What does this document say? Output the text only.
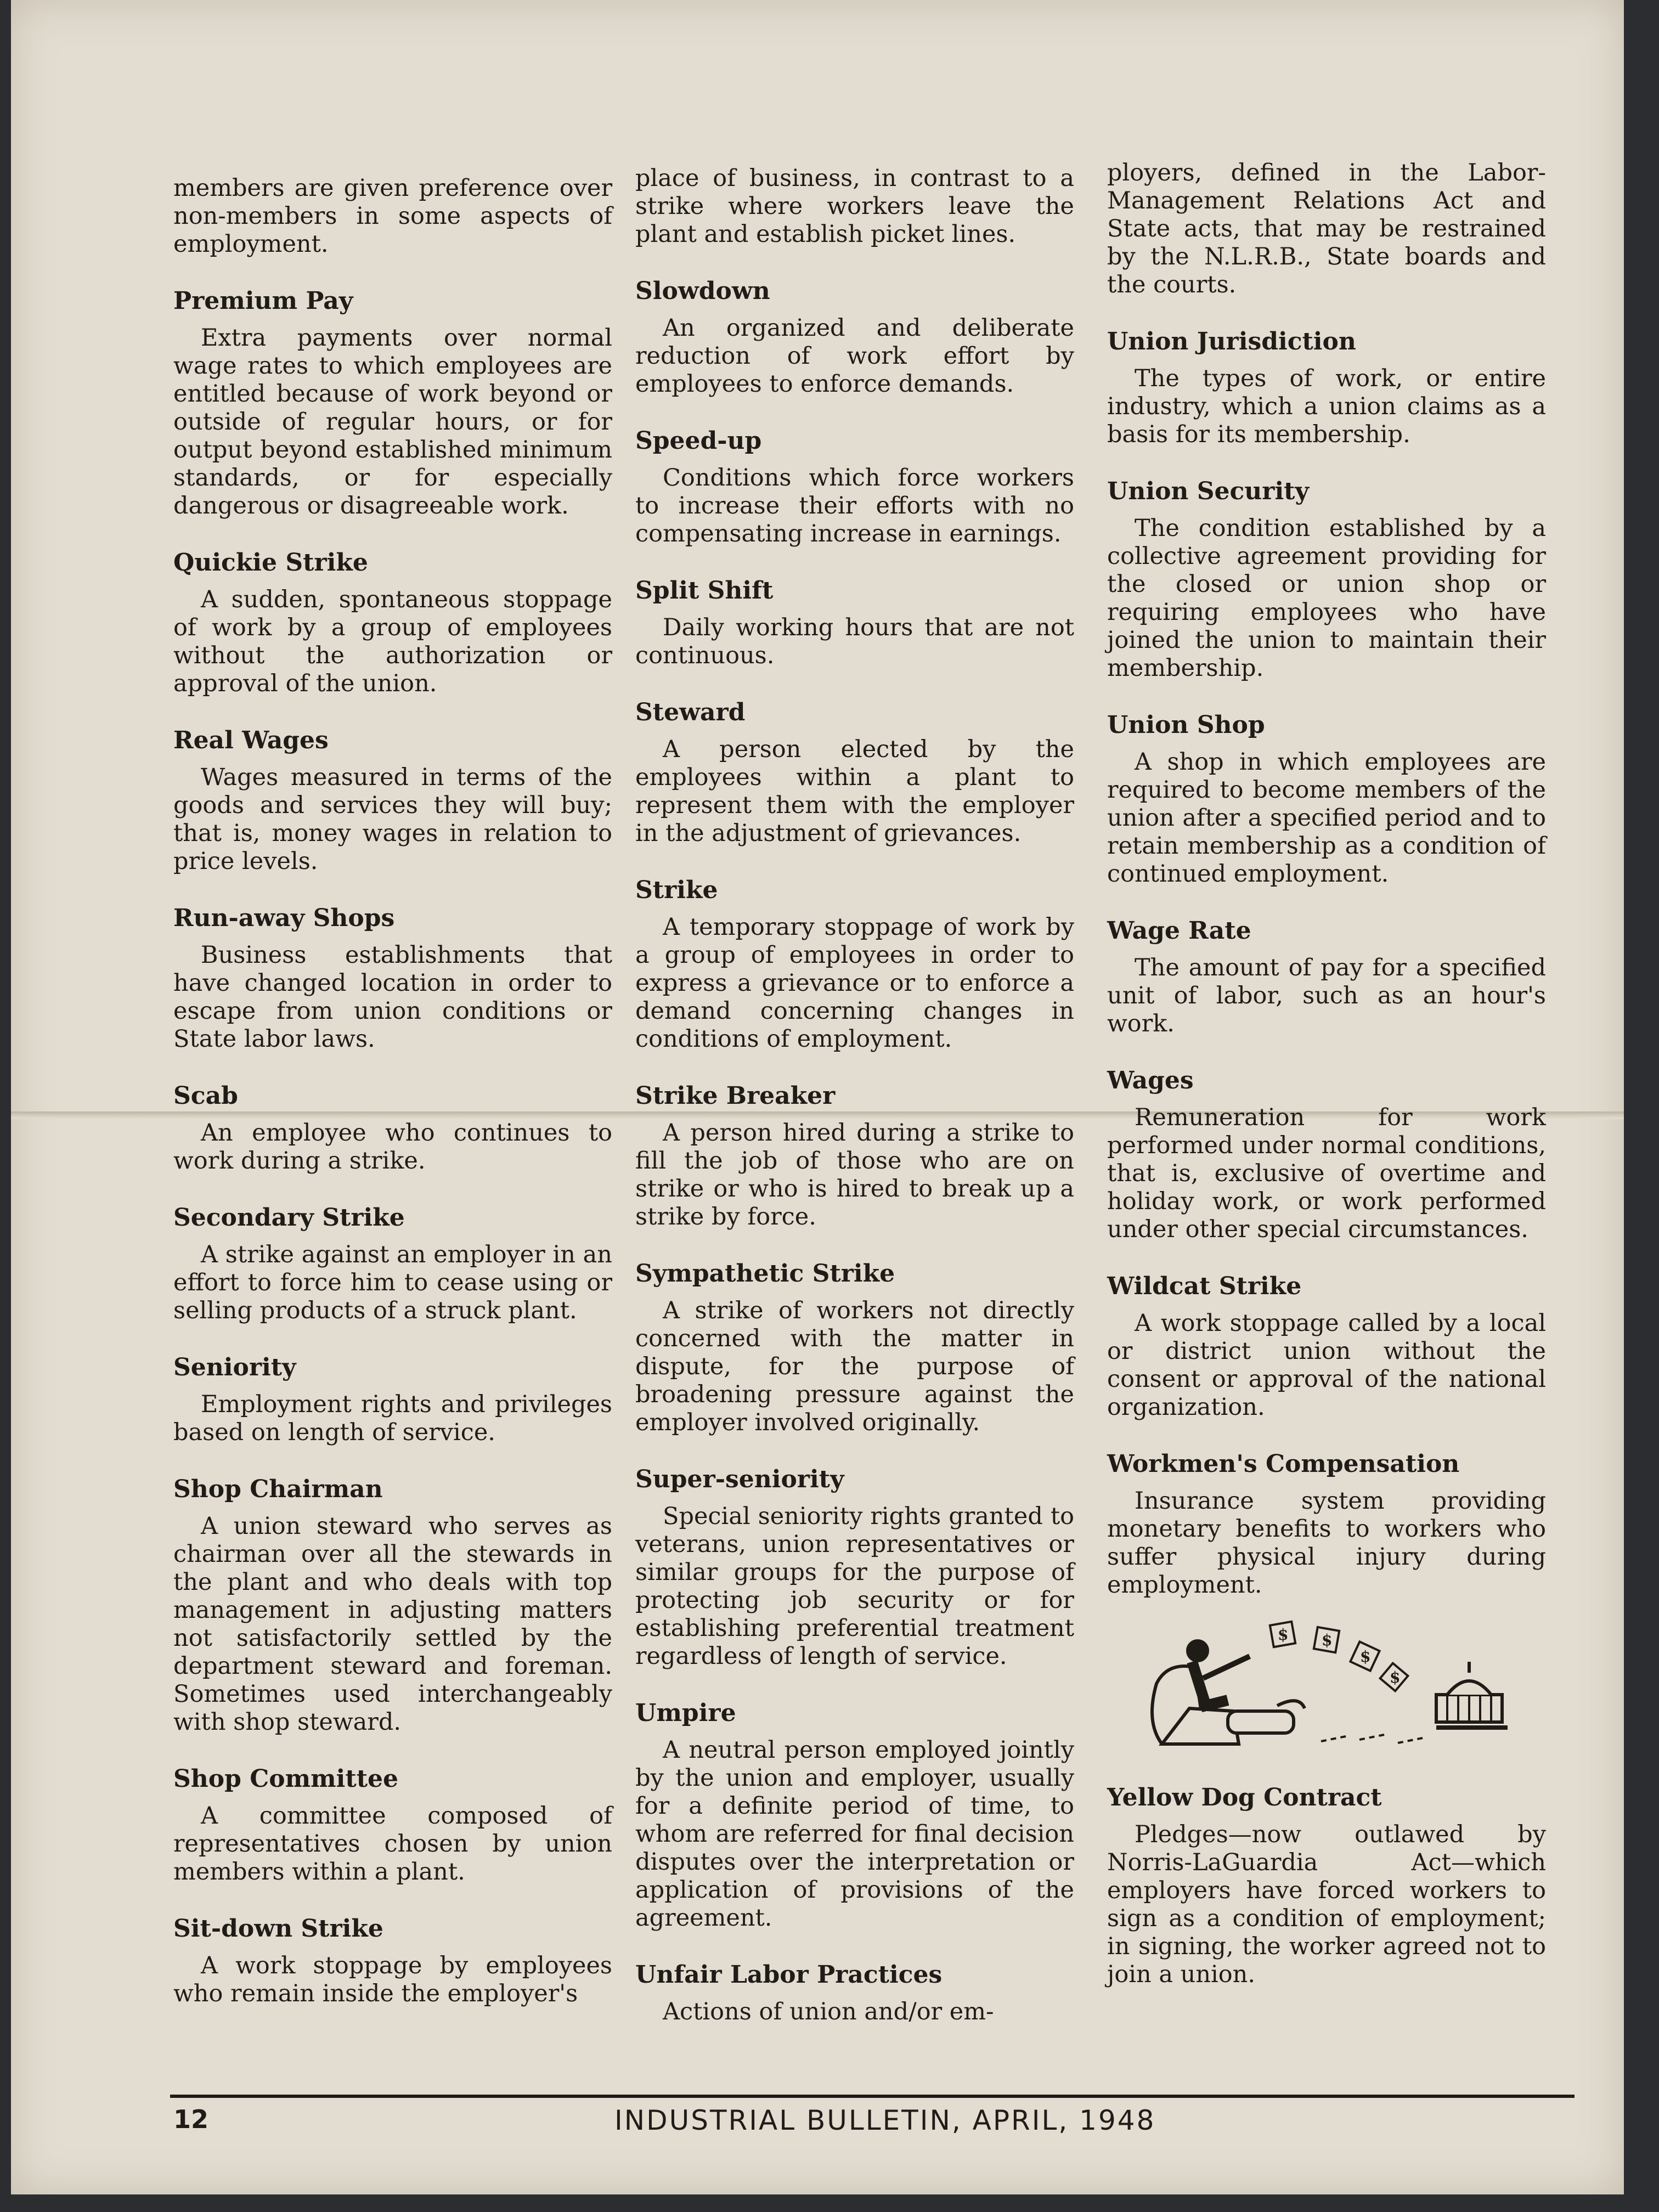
members are given preference over non-members in some aspects of employment.

Premium Pay

Extra payments over normal wage rates to which employees are entitled because of work beyond or outside of regular hours, or for output beyond established minimum standards, or for especially dangerous or disagreeable work.

Quickie Strike

A sudden, spontaneous stoppage of work by a group of employees without the authorization or approval of the union.

Real Wages

Wages measured in terms of the goods and services they will buy; that is, money wages in relation to price levels.

Run-away Shops

Business establishments that have changed location in order to escape from union conditions or State labor laws.

Scab

An employee who continues to work during a strike.

Secondary Strike

A strike against an employer in an effort to force him to cease using or selling products of a struck plant.

Seniority

Employment rights and privileges based on length of service.

Shop Chairman

A union steward who serves as chairman over all the stewards in the plant and who deals with top management in adjusting matters not satisfactorily settled by the department steward and foreman. Sometimes used interchangeably with shop steward.

Shop Committee

A committee composed of representatives chosen by union members within a plant.

Sit-down Strike

A work stoppage by employees who remain inside the employer's

place of business, in contrast to a strike where workers leave the plant and establish picket lines.

Slowdown

An organized and deliberate reduction of work effort by employees to enforce demands.

Speed-up

Conditions which force workers to increase their efforts with no compensating increase in earnings.

Split Shift

Daily working hours that are not continuous.

Steward

A person elected by the employees within a plant to represent them with the employer in the adjustment of grievances.

Strike

A temporary stoppage of work by a group of employees in order to express a grievance or to enforce a demand concerning changes in conditions of employment.

Strike Breaker

A person hired during a strike to fill the job of those who are on strike or who is hired to break up a strike by force.

Sympathetic Strike

A strike of workers not directly concerned with the matter in dispute, for the purpose of broadening pressure against the employer involved originally.

Super-seniority

Special seniority rights granted to veterans, union representatives or similar groups for the purpose of protecting job security or for establishing preferential treatment regardless of length of service.

Umpire

A neutral person employed jointly by the union and employer, usually for a definite period of time, to whom are referred for final decision disputes over the interpretation or application of provisions of the agreement.

Unfair Labor Practices

Actions of union and/or em-

ployers, defined in the Labor-Management Relations Act and State acts, that may be restrained by the N.L.R.B., State boards and the courts.

Union Jurisdiction

The types of work, or entire industry, which a union claims as a basis for its membership.

Union Security

The condition established by a collective agreement providing for the closed or union shop or requiring employees who have joined the union to maintain their membership.

Union Shop

A shop in which employees are required to become members of the union after a specified period and to retain membership as a condition of continued employment.

Wage Rate

The amount of pay for a specified unit of labor, such as an hour's work.

Wages

Remuneration for work performed under normal conditions, that is, exclusive of overtime and holiday work, or work performed under other special circumstances.

Wildcat Strike

A work stoppage called by a local or district union without the consent or approval of the national organization.

Workmen's Compensation

Insurance system providing monetary benefits to workers who suffer physical injury during employment.

$ $
$
$
Yellow Dog Contract

Pledges—now outlawed by Norris-LaGuardia Act—which employers have forced workers to sign as a condition of employment; in signing, the worker agreed not to join a union.

12	INDUSTRIAL BULLETIN, APRIL, 1948
